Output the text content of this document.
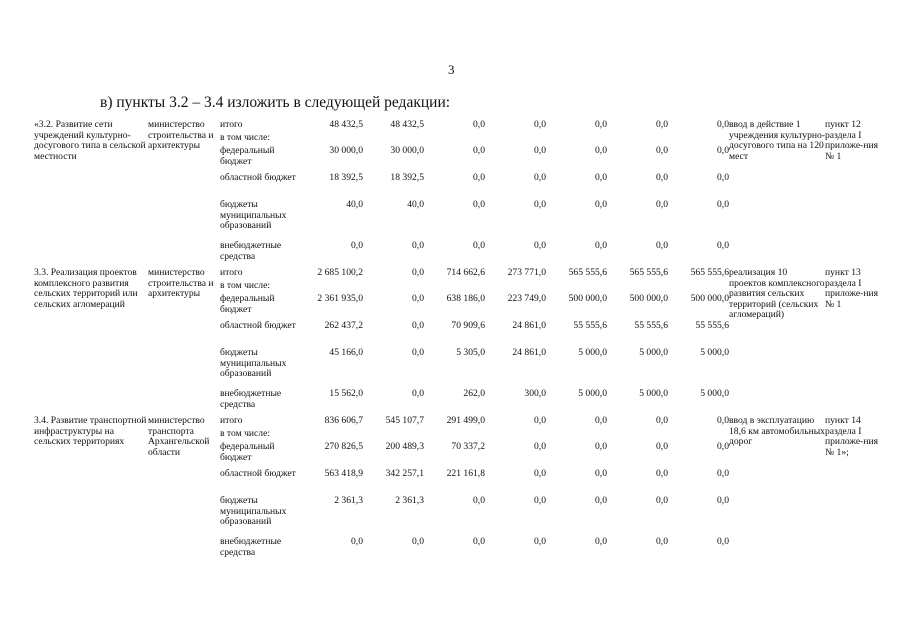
3
в) пункты 3.2 – 3.4 изложить в следующей редакции:
«3.2. Развитие сети учреждений культурно-досугового типа в сельской местности	министерство строительства и архитектуры	итого	48 432,5	48 432,5	0,0	0,0	0,0	0,0	0,0	ввод в действие 1 учреждения культурно-досугового типа на 120 мест	пункт 12 раздела I приложе-ния № 1
		в том числе:									
		федеральный бюджет	30 000,0	30 000,0	0,0	0,0	0,0	0,0	0,0		
		областной бюджет	18 392,5	18 392,5	0,0	0,0	0,0	0,0	0,0		
		бюджеты муниципальных образований	40,0	40,0	0,0	0,0	0,0	0,0	0,0		
		внебюджетные средства	0,0	0,0	0,0	0,0	0,0	0,0	0,0		
3.3. Реализация проектов комплексного развития сельских территорий или сельских агломераций	министерство строительства и архитектуры	итого	2 685 100,2	0,0	714 662,6	273 771,0	565 555,6	565 555,6	565 555,6	реализация 10 проектов комплексного развития сельских территорий (сельских агломераций)	пункт 13 раздела I приложе-ния № 1
		в том числе:									
		федеральный бюджет	2 361 935,0	0,0	638 186,0	223 749,0	500 000,0	500 000,0	500 000,0		
		областной бюджет	262 437,2	0,0	70 909,6	24 861,0	55 555,6	55 555,6	55 555,6		
		бюджеты муниципальных образований	45 166,0	0,0	5 305,0	24 861,0	5 000,0	5 000,0	5 000,0		
		внебюджетные средства	15 562,0	0,0	262,0	300,0	5 000,0	5 000,0	5 000,0		
3.4. Развитие транспортной инфраструктуры на сельских территориях	министерство транспорта Архангельской области	итого	836 606,7	545 107,7	291 499,0	0,0	0,0	0,0	0,0	ввод в эксплуатацию 18,6 км автомобильных дорог	пункт 14 раздела I приложе-ния № 1»;
		в том числе:									
		федеральный бюджет	270 826,5	200 489,3	70 337,2	0,0	0,0	0,0	0,0		
		областной бюджет	563 418,9	342 257,1	221 161,8	0,0	0,0	0,0	0,0		
		бюджеты муниципальных образований	2 361,3	2 361,3	0,0	0,0	0,0	0,0	0,0		
		внебюджетные средства	0,0	0,0	0,0	0,0	0,0	0,0	0,0		
